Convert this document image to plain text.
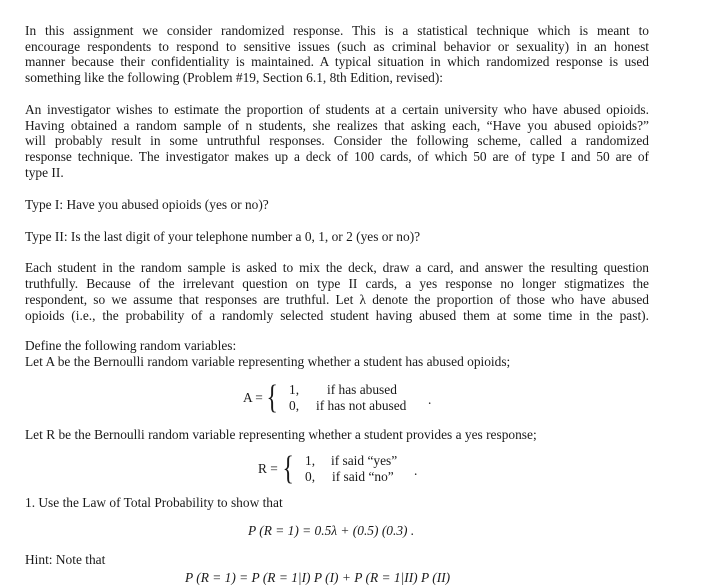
In this assignment we consider randomized response. This is a statistical technique which is meant to
encourage respondents to respond to sensitive issues (such as criminal behavior or sexuality) in an honest
manner because their confidentiality is maintained. A typical situation in which randomized response is used
something like the following (Problem #19, Section 6.1, 8th Edition, revised):
An investigator wishes to estimate the proportion of students at a certain university who have abused opioids.
Having obtained a random sample of n students, she realizes that asking each, “Have you abused opioids?”
will probably result in some untruthful responses. Consider the following scheme, called a randomized
response technique. The investigator makes up a deck of 100 cards, of which 50 are of type I and 50 are of
type II.
Type I: Have you abused opioids (yes or no)?
Type II: Is the last digit of your telephone number a 0, 1, or 2 (yes or no)?
Each student in the random sample is asked to mix the deck, draw a card, and answer the resulting question
truthfully. Because of the irrelevant question on type II cards, a yes response no longer stigmatizes the
respondent, so we assume that responses are truthful. Let λ denote the proportion of those who have abused
opioids (i.e., the probability of a randomly selected student having abused them at some time in the past).
Define the following random variables:
Let A be the Bernoulli random variable representing whether a student has abused opioids;
A = { 1, if has abused
0, if has not abused .
Let R be the Bernoulli random variable representing whether a student provides a yes response;
R = { 1, if said “yes”
0, if said “no” .
1. Use the Law of Total Probability to show that
P (R = 1) = 0.5λ + (0.5) (0.3) .
Hint: Note that
P (R = 1) = P (R = 1|I) P (I) + P (R = 1|II) P (II)
